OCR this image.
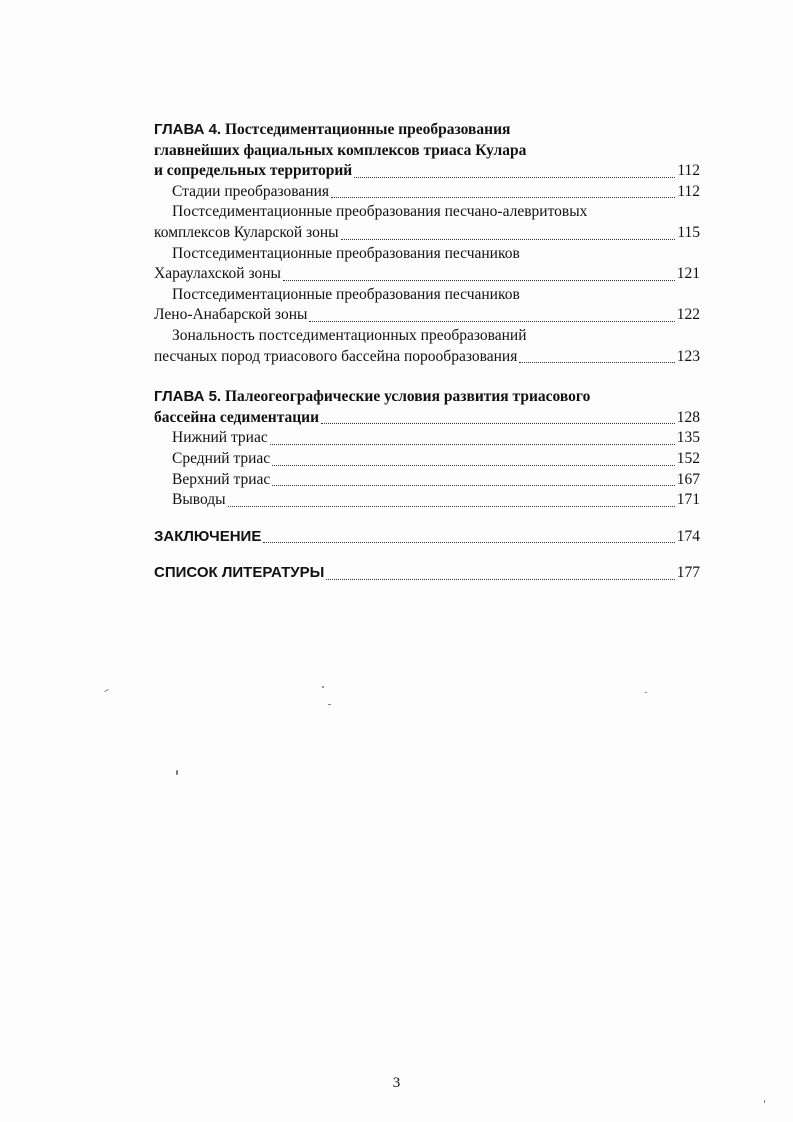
ГЛАВА 4. Постседиментационные преобразования
главнейших фациальных комплексов триаса Кулара
и сопредельных территорий	112
Стадии преобразования	112
Постседиментационные преобразования песчано-алевритовых
комплексов Куларской зоны	115
Постседиментационные преобразования песчаников
Хараулахской зоны	121
Постседиментационные преобразования песчаников
Лено-Анабарской зоны	122
Зональность постседиментационных преобразований
песчаных пород триасового бассейна порообразования	123
ГЛАВА 5. Палеогеографические условия развития триасового
бассейна седиментации	128
Нижний триас	135
Средний триас	152
Верхний триас	167
Выводы	171
ЗАКЛЮЧЕНИЕ	174
СПИСОК ЛИТЕРАТУРЫ	177
3
